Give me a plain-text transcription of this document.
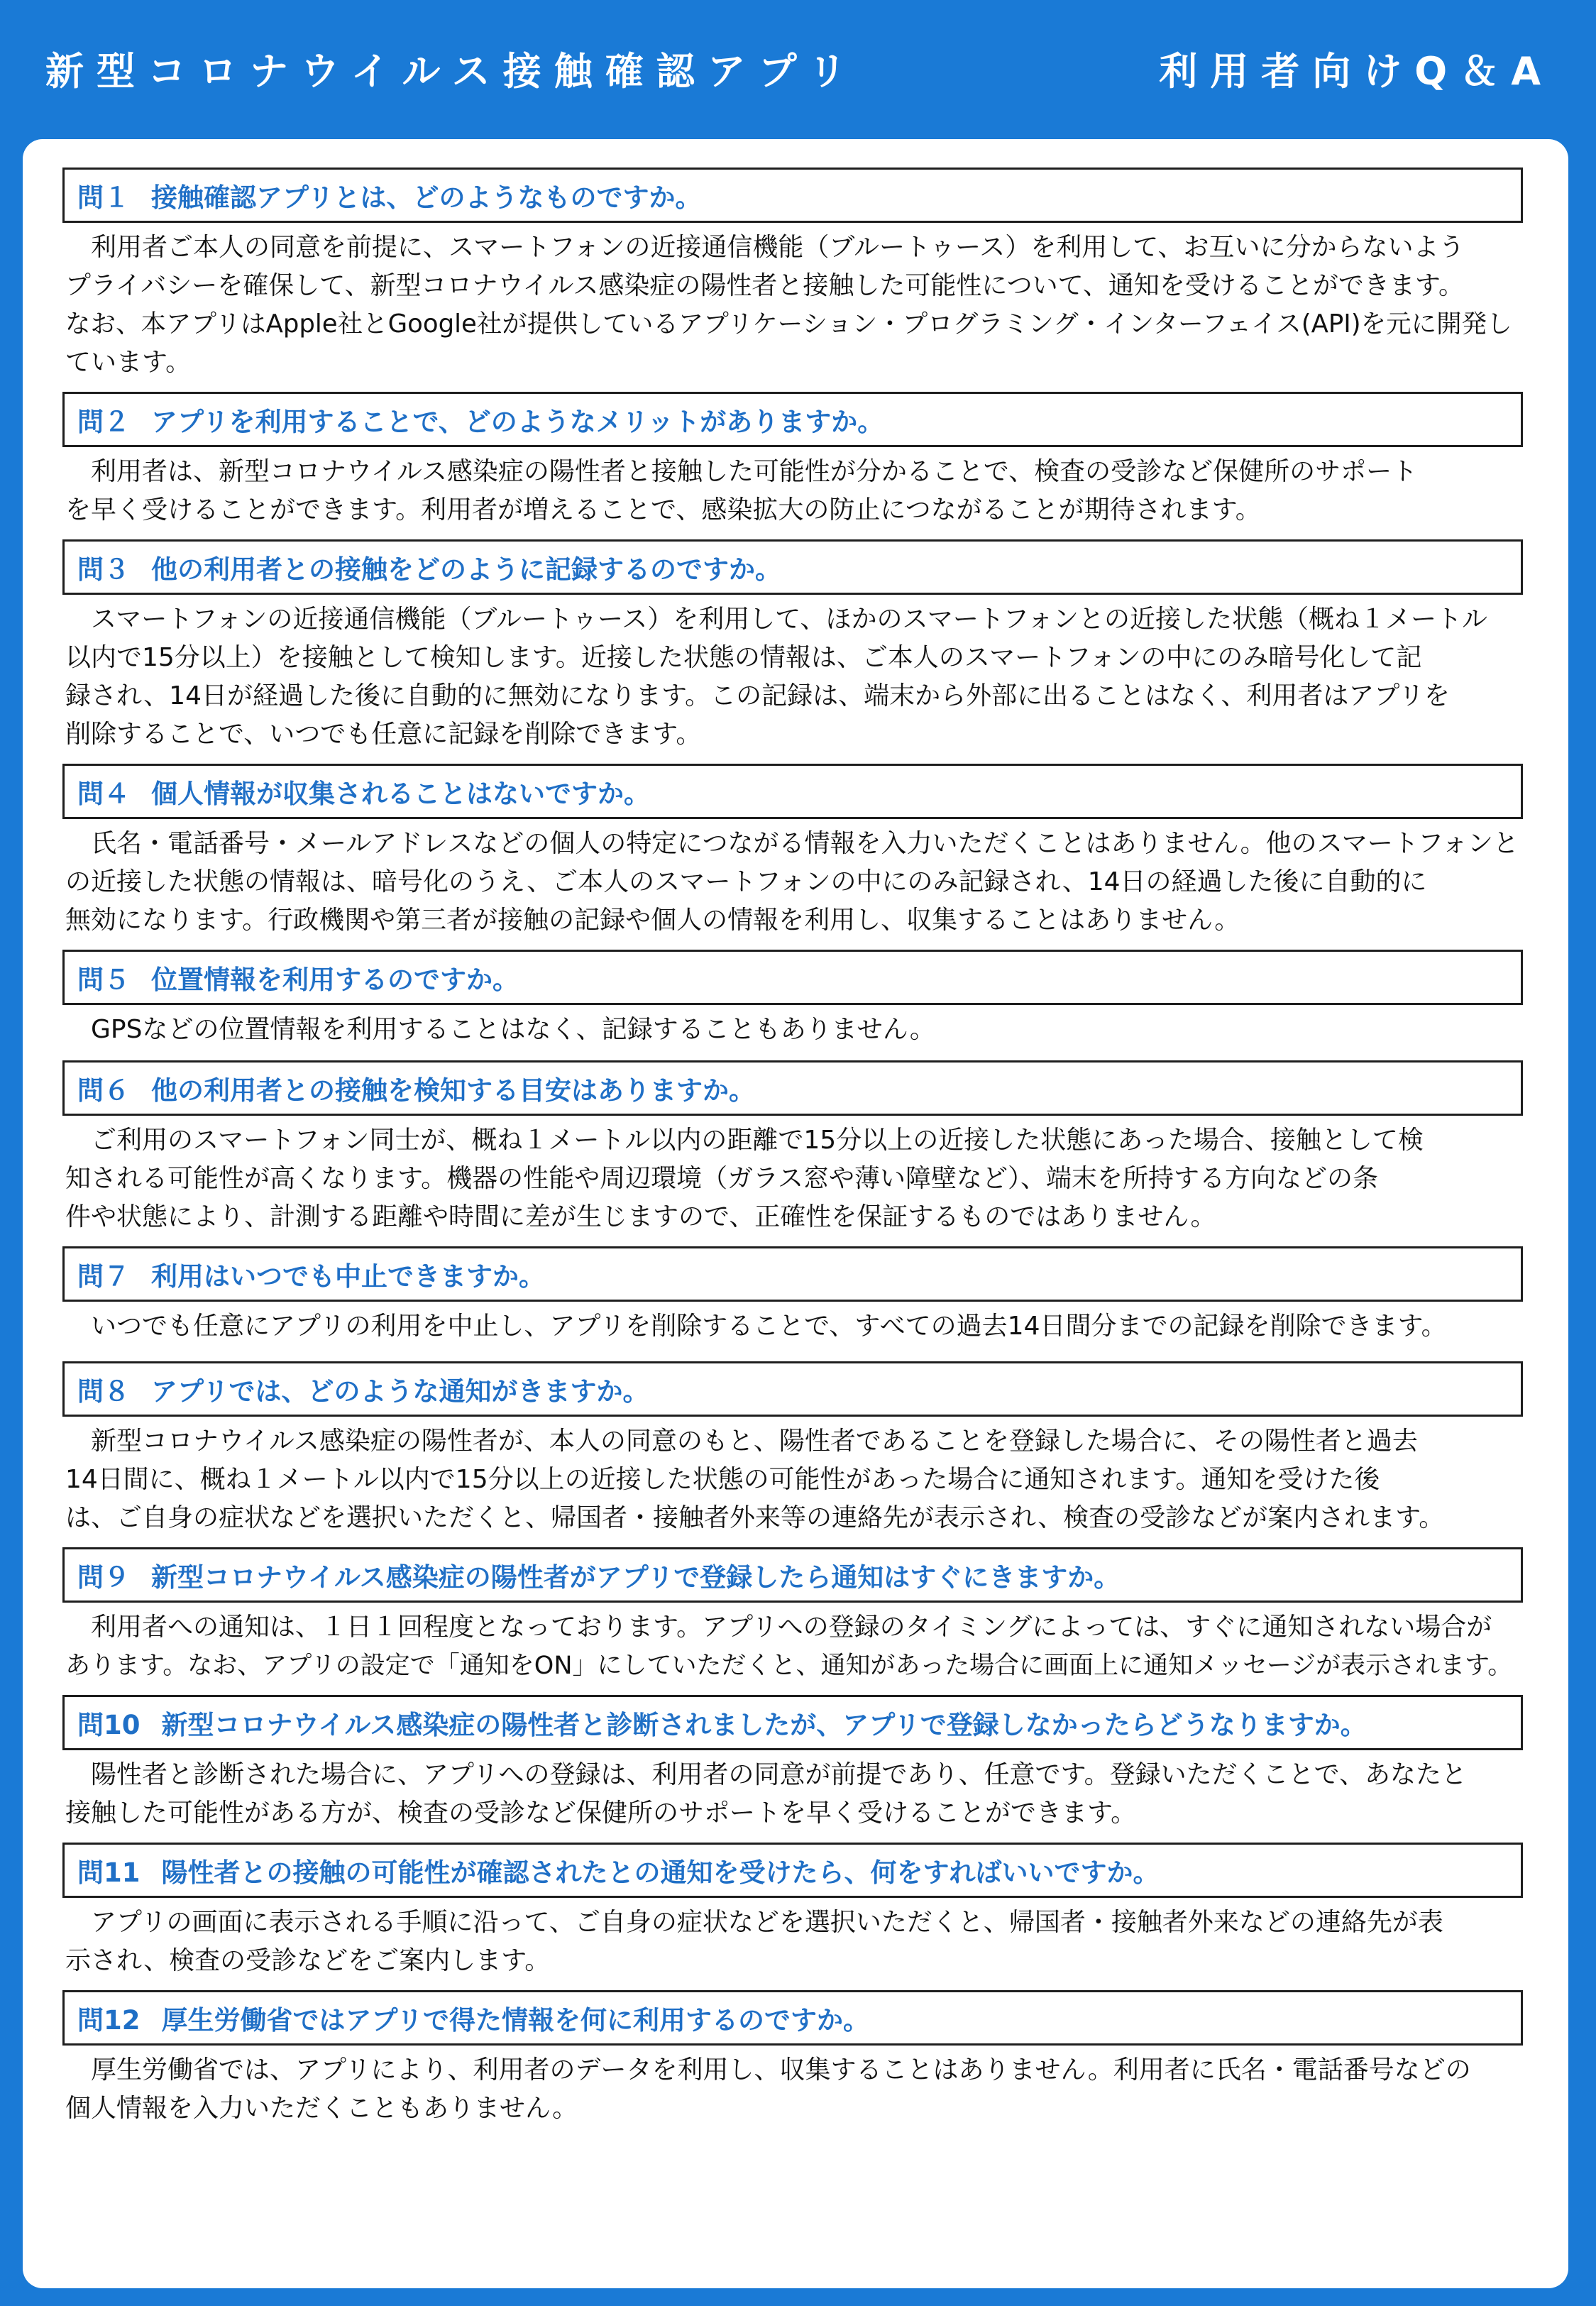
新型コロナウイルス接触確認アプリ	利用者向けQ＆A
問１ 接触確認アプリとは、どのようなものですか。
利用者ご本人の同意を前提に、スマートフォンの近接通信機能（ブルートゥース）を利用して、お互いに分からないよう
プライバシーを確保して、新型コロナウイルス感染症の陽性者と接触した可能性について、通知を受けることができます。
なお、本アプリはApple社とGoogle社が提供しているアプリケーション・プログラミング・インターフェイス(API)を元に開発し
ています。
問２ アプリを利用することで、どのようなメリットがありますか。
利用者は、新型コロナウイルス感染症の陽性者と接触した可能性が分かることで、検査の受診など保健所のサポート
を早く受けることができます。利用者が増えることで、感染拡大の防止につながることが期待されます。
問３ 他の利用者との接触をどのように記録するのですか。
スマートフォンの近接通信機能（ブルートゥース）を利用して、ほかのスマートフォンとの近接した状態（概ね１メートル
以内で15分以上）を接触として検知します。近接した状態の情報は、ご本人のスマートフォンの中にのみ暗号化して記
録され、14日が経過した後に自動的に無効になります。この記録は、端末から外部に出ることはなく、利用者はアプリを
削除することで、いつでも任意に記録を削除できます。
問４ 個人情報が収集されることはないですか。
氏名・電話番号・メールアドレスなどの個人の特定につながる情報を入力いただくことはありません。他のスマートフォンと
の近接した状態の情報は、暗号化のうえ、ご本人のスマートフォンの中にのみ記録され、14日の経過した後に自動的に
無効になります。行政機関や第三者が接触の記録や個人の情報を利用し、収集することはありません。
問５ 位置情報を利用するのですか。
GPSなどの位置情報を利用することはなく、記録することもありません。
問６ 他の利用者との接触を検知する目安はありますか。
ご利用のスマートフォン同士が、概ね１メートル以内の距離で15分以上の近接した状態にあった場合、接触として検
知される可能性が高くなります。機器の性能や周辺環境（ガラス窓や薄い障壁など）、端末を所持する方向などの条
件や状態により、計測する距離や時間に差が生じますので、正確性を保証するものではありません。
問７ 利用はいつでも中止できますか。
いつでも任意にアプリの利用を中止し、アプリを削除することで、すべての過去14日間分までの記録を削除できます。
問８ アプリでは、どのような通知がきますか。
新型コロナウイルス感染症の陽性者が、本人の同意のもと、陽性者であることを登録した場合に、その陽性者と過去
14日間に、概ね１メートル以内で15分以上の近接した状態の可能性があった場合に通知されます。通知を受けた後
は、ご自身の症状などを選択いただくと、帰国者・接触者外来等の連絡先が表示され、検査の受診などが案内されます。
問９ 新型コロナウイルス感染症の陽性者がアプリで登録したら通知はすぐにきますか。
利用者への通知は、１日１回程度となっております。アプリへの登録のタイミングによっては、すぐに通知されない場合が
あります。なお、アプリの設定で「通知をON」にしていただくと、通知があった場合に画面上に通知メッセージが表示されます。
問10 新型コロナウイルス感染症の陽性者と診断されましたが、アプリで登録しなかったらどうなりますか。
陽性者と診断された場合に、アプリへの登録は、利用者の同意が前提であり、任意です。登録いただくことで、あなたと
接触した可能性がある方が、検査の受診など保健所のサポートを早く受けることができます。
問11 陽性者との接触の可能性が確認されたとの通知を受けたら、何をすればいいですか。
アプリの画面に表示される手順に沿って、ご自身の症状などを選択いただくと、帰国者・接触者外来などの連絡先が表
示され、検査の受診などをご案内します。
問12 厚生労働省ではアプリで得た情報を何に利用するのですか。
厚生労働省では、アプリにより、利用者のデータを利用し、収集することはありません。利用者に氏名・電話番号などの
個人情報を入力いただくこともありません。
